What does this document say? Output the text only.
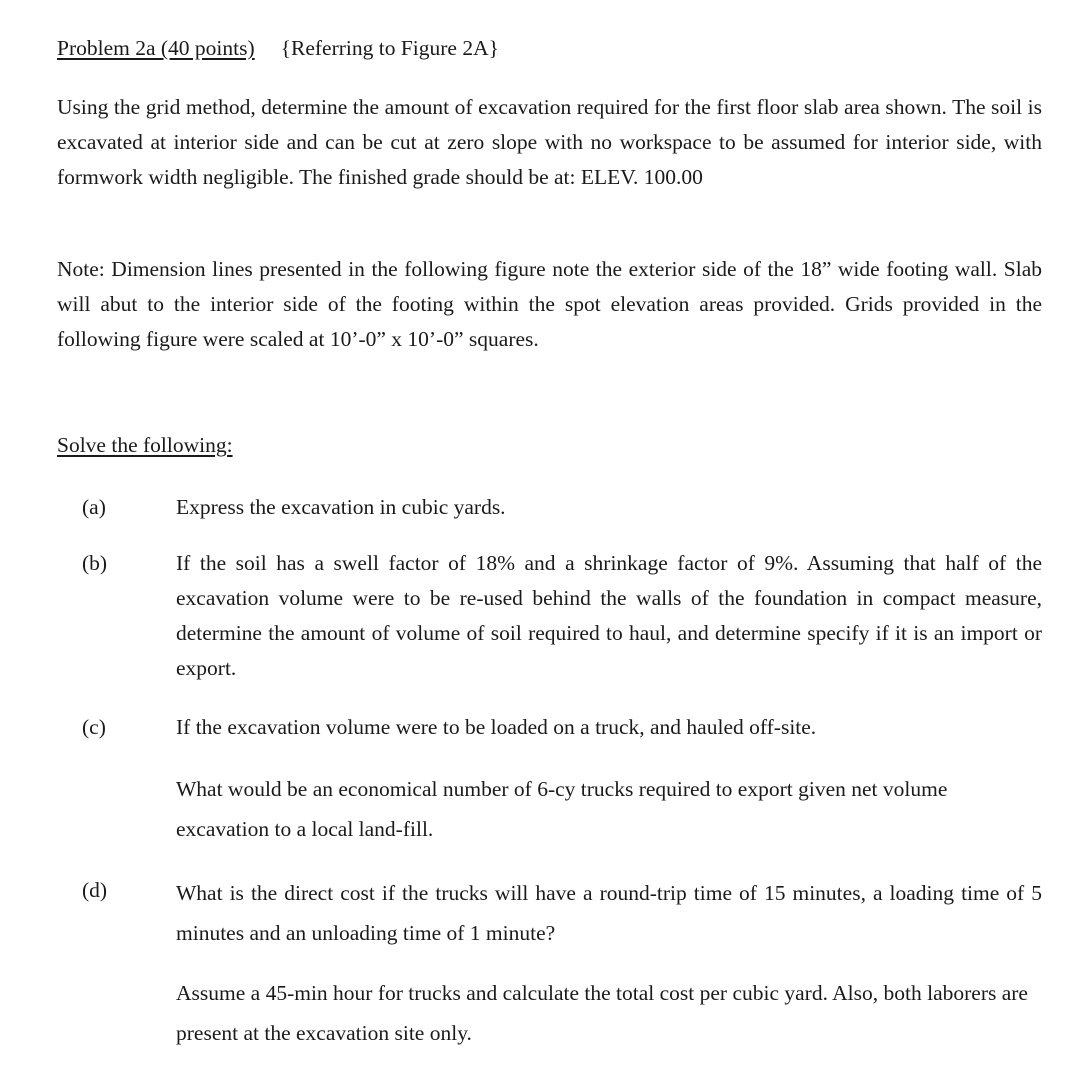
Problem 2a (40 points) {Referring to Figure 2A}

Using the grid method, determine the amount of excavation required for the first floor slab area shown. The soil is excavated at interior side and can be cut at zero slope with no workspace to be assumed for interior side, with formwork width negligible. The finished grade should be at: ELEV. 100.00

Note: Dimension lines presented in the following figure note the exterior side of the 18” wide footing wall. Slab will abut to the interior side of the footing within the spot elevation areas provided. Grids provided in the following figure were scaled at 10’-0” x 10’-0” squares.

Solve the following:
(a)	Express the excavation in cubic yards.

(b)	If the soil has a swell factor of 18% and a shrinkage factor of 9%. Assuming that half of the excavation volume were to be re-used behind the walls of the foundation in compact measure, determine the amount of volume of soil required to haul, and determine specify if it is an import or export.

(c)	If the excavation volume were to be loaded on a truck, and hauled off-site.

What would be an economical number of 6-cy trucks required to export given net volume excavation to a local land-fill.

(d)	What is the direct cost if the trucks will have a round-trip time of 15 minutes, a loading time of 5 minutes and an unloading time of 1 minute?

Assume a 45-min hour for trucks and calculate the total cost per cubic yard. Also, both laborers are present at the excavation site only.
